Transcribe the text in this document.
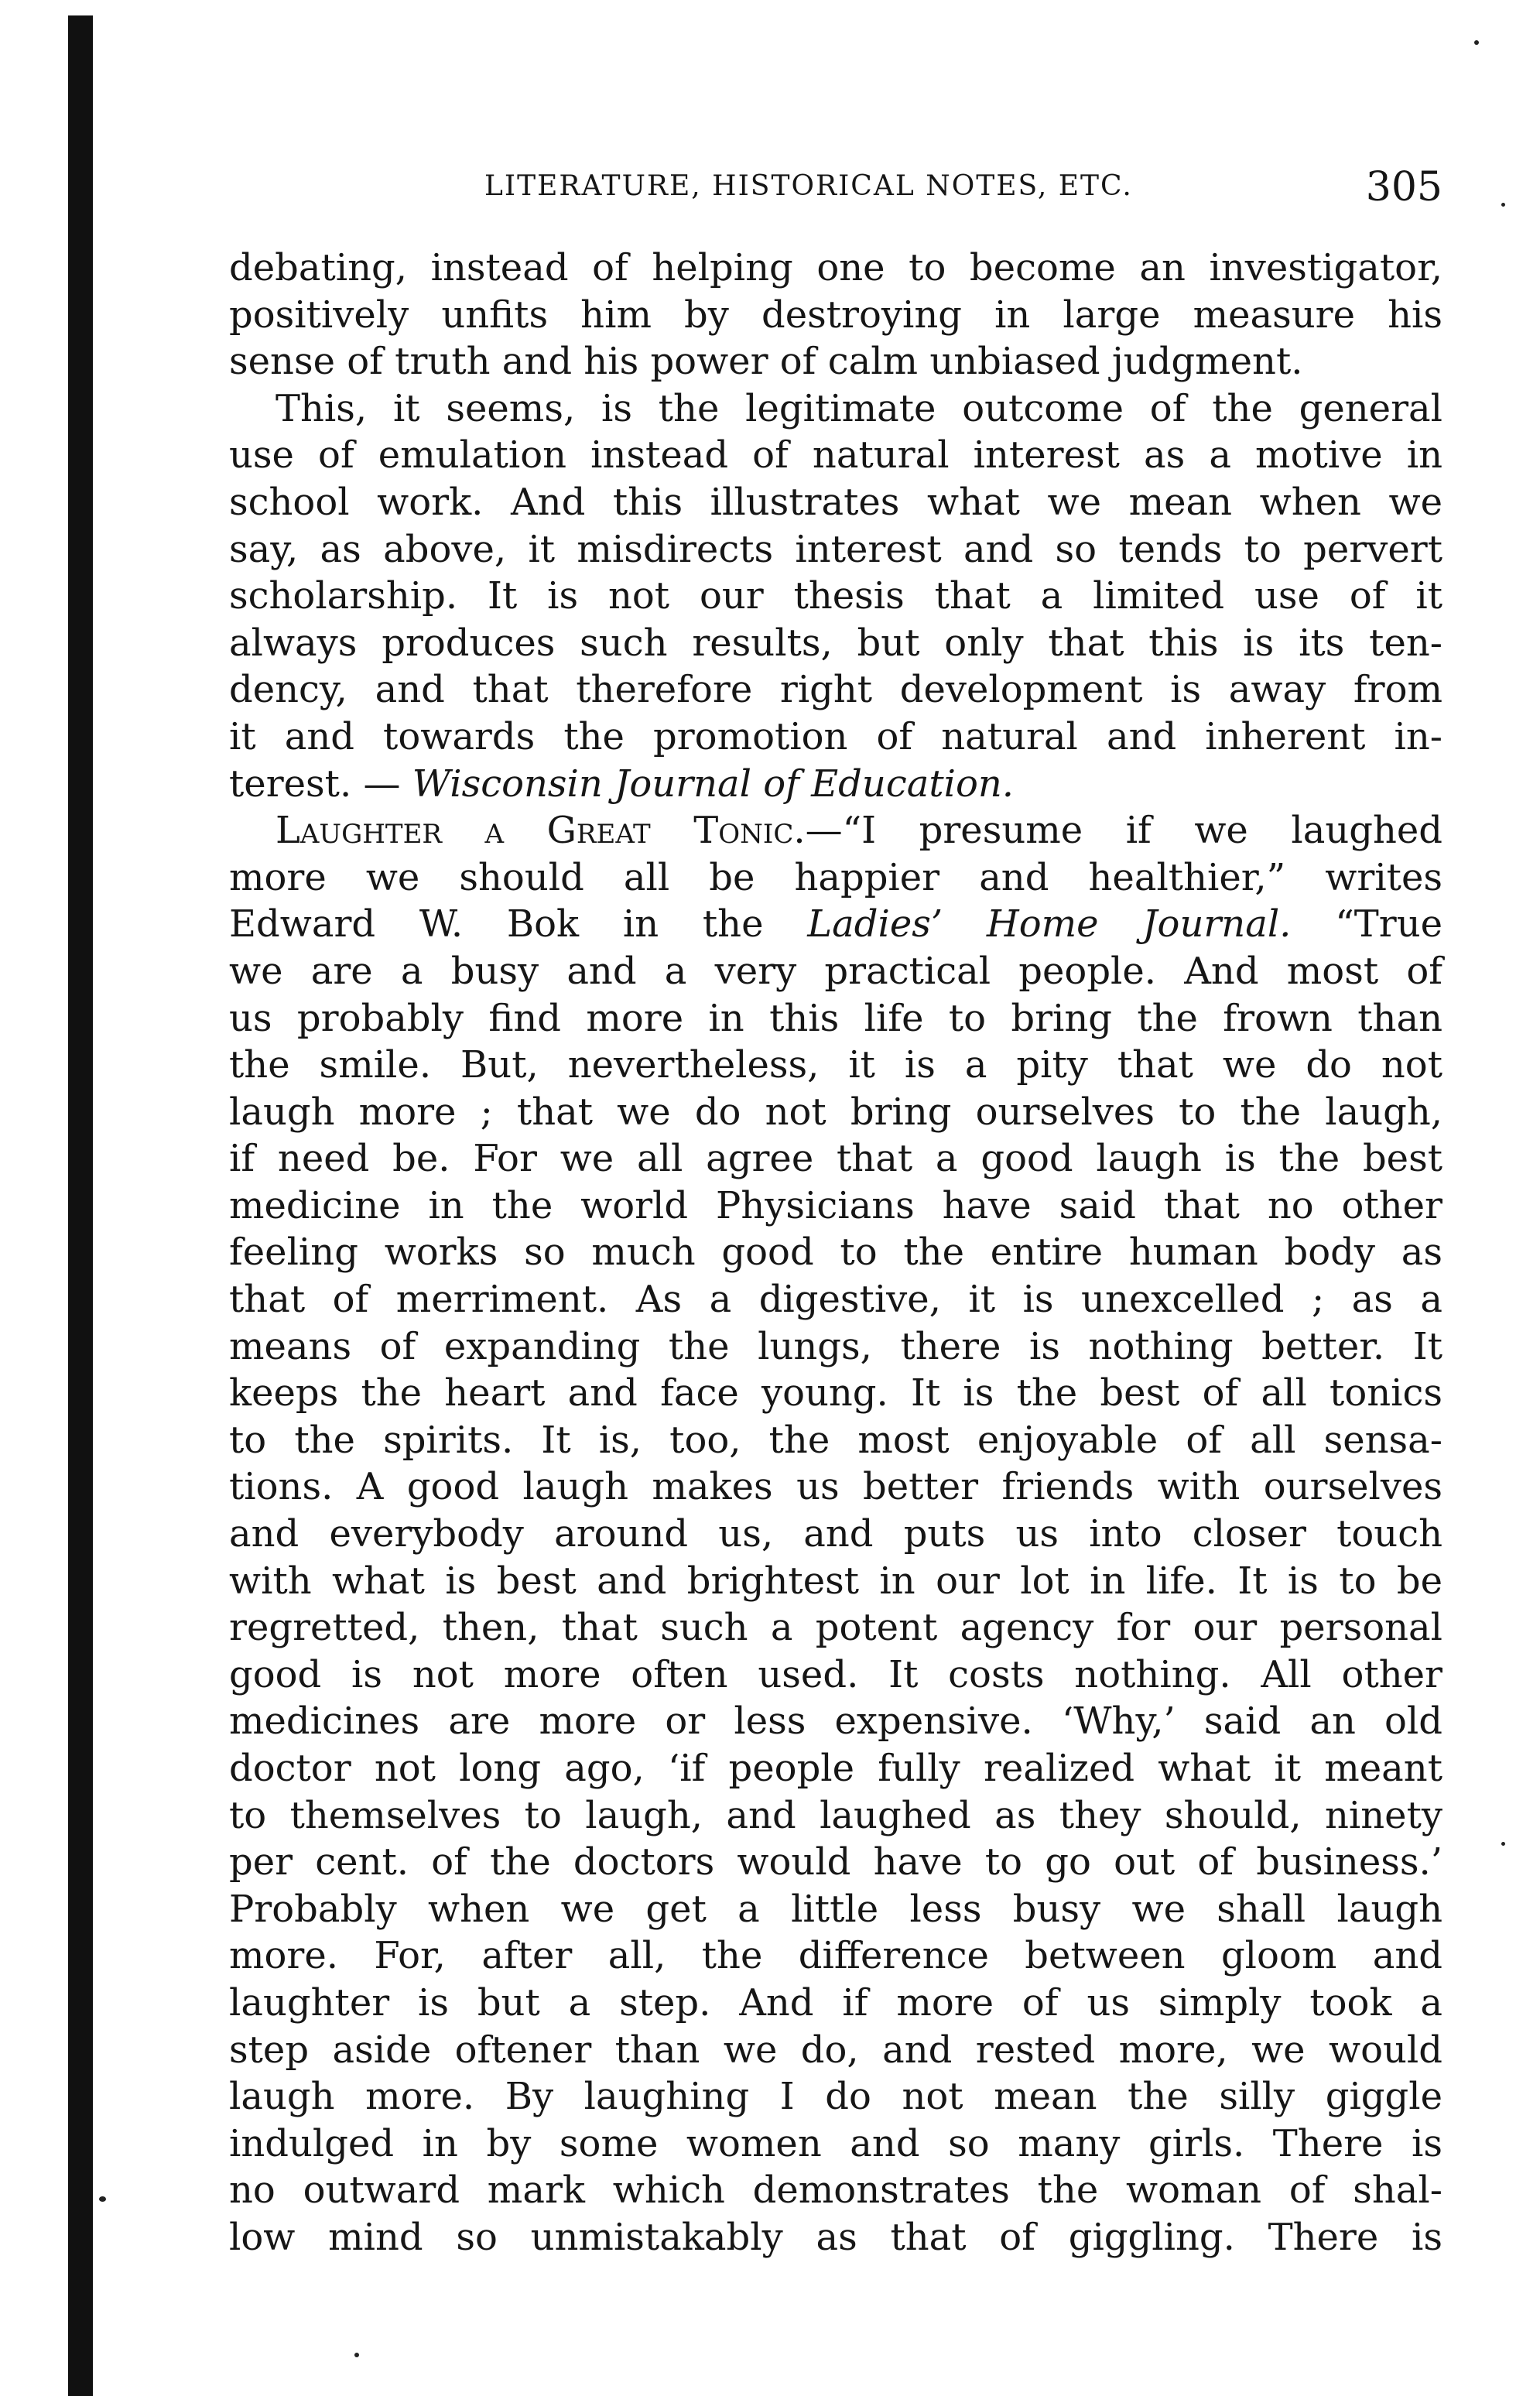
LITERATURE, HISTORICAL NOTES, ETC.	305
debating, instead of helping one to become an investigator,
positively unfits him by destroying in large measure his
sense of truth and his power of calm unbiased judgment.
This, it seems, is the legitimate outcome of the general
use of emulation instead of natural interest as a motive in
school work. And this illustrates what we mean when we
say, as above, it misdirects interest and so tends to pervert
scholarship. It is not our thesis that a limited use of it
always produces such results, but only that this is its ten-
dency, and that therefore right development is away from
it and towards the promotion of natural and inherent in-
terest. — Wisconsin Journal of Education.
Laughter a Great Tonic.—“I presume if we laughed
more we should all be happier and healthier,” writes
Edward W. Bok in the Ladies’ Home Journal. “True
we are a busy and a very practical people. And most of
us probably find more in this life to bring the frown than
the smile. But, nevertheless, it is a pity that we do not
laugh more ; that we do not bring ourselves to the laugh,
if need be. For we all agree that a good laugh is the best
medicine in the world Physicians have said that no other
feeling works so much good to the entire human body as
that of merriment. As a digestive, it is unexcelled ; as a
means of expanding the lungs, there is nothing better. It
keeps the heart and face young. It is the best of all tonics
to the spirits. It is, too, the most enjoyable of all sensa-
tions. A good laugh makes us better friends with ourselves
and everybody around us, and puts us into closer touch
with what is best and brightest in our lot in life. It is to be
regretted, then, that such a potent agency for our personal
good is not more often used. It costs nothing. All other
medicines are more or less expensive. ‘Why,’ said an old
doctor not long ago, ‘if people fully realized what it meant
to themselves to laugh, and laughed as they should, ninety
per cent. of the doctors would have to go out of business.’
Probably when we get a little less busy we shall laugh
more. For, after all, the difference between gloom and
laughter is but a step. And if more of us simply took a
step aside oftener than we do, and rested more, we would
laugh more. By laughing I do not mean the silly giggle
indulged in by some women and so many girls. There is
no outward mark which demonstrates the woman of shal-
low mind so unmistakably as that of giggling. There is
